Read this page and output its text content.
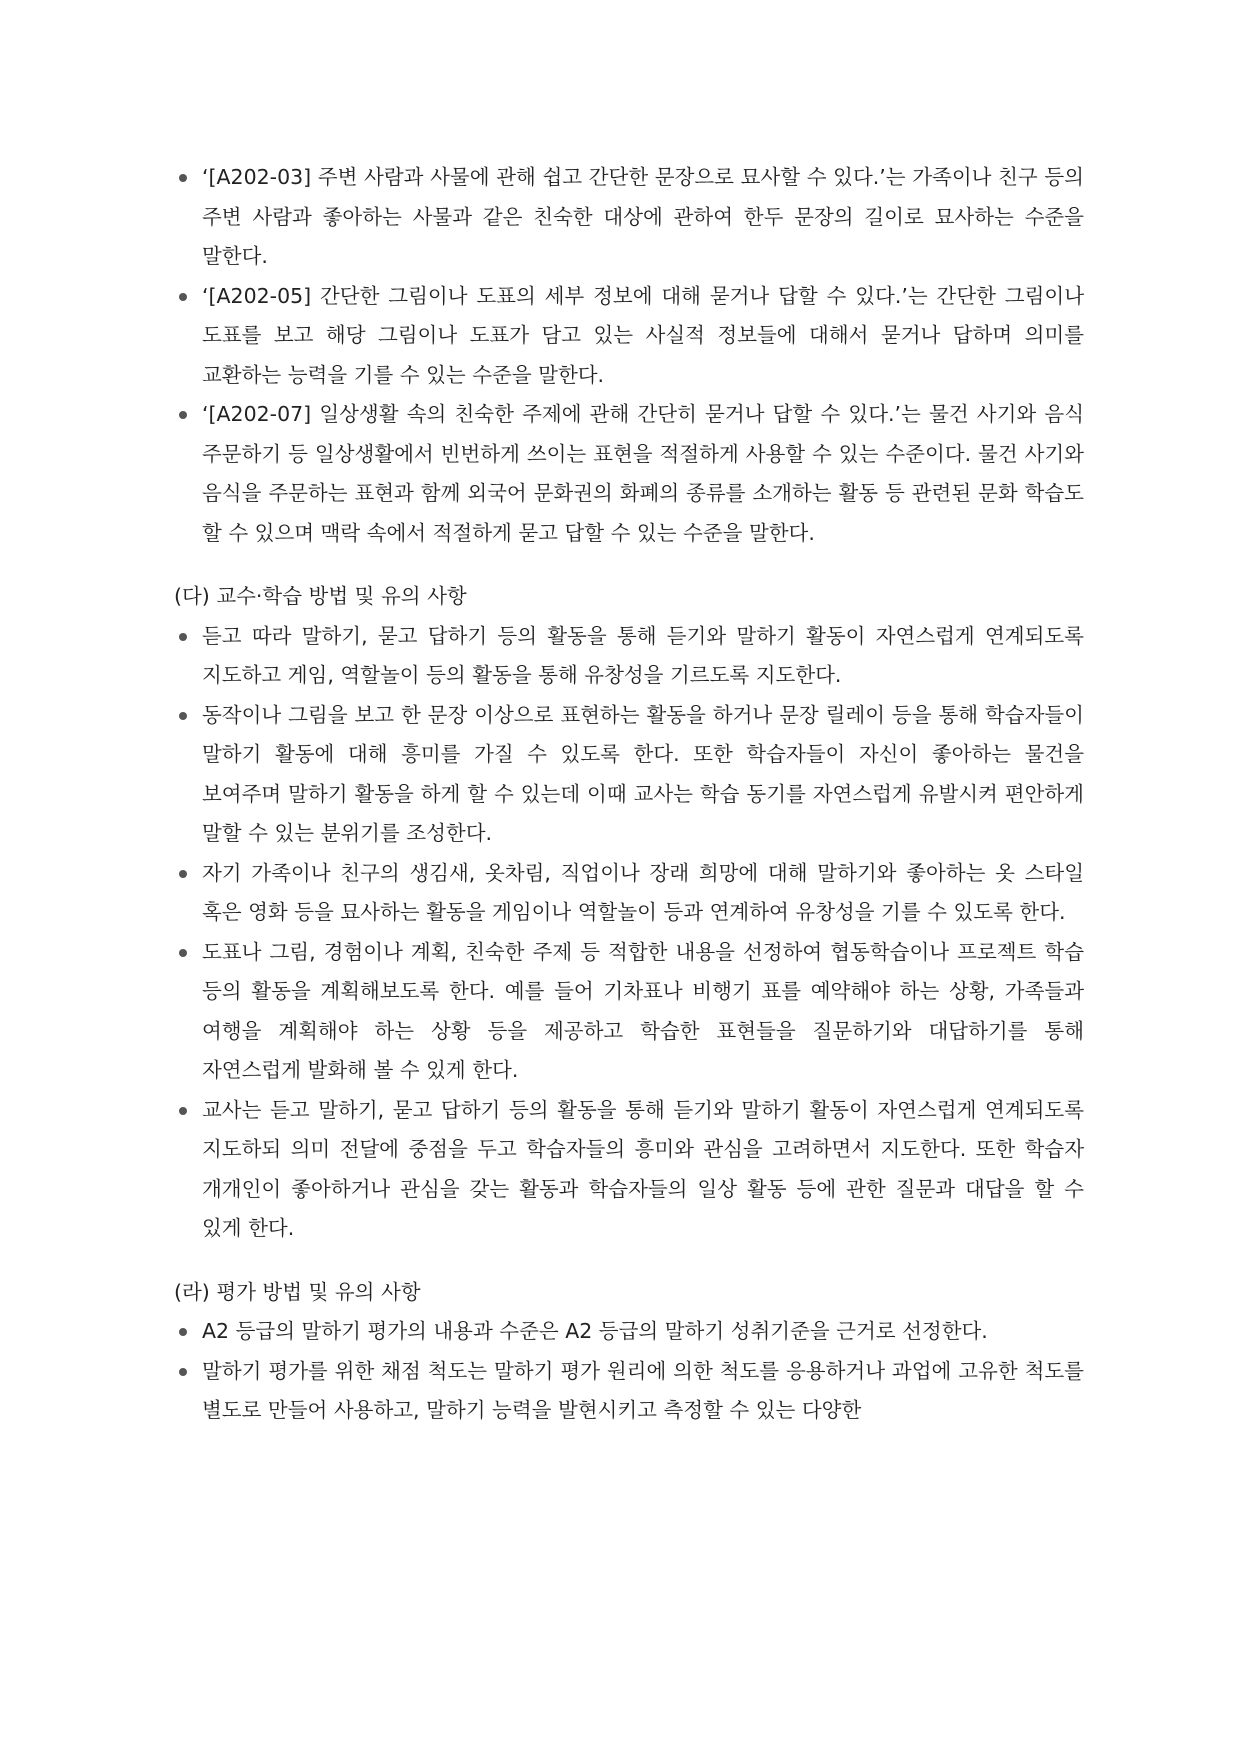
‘[A202-03] 주변 사람과 사물에 관해 쉽고 간단한 문장으로 묘사할 수 있다.’는 가족이나 친구 등의 주변 사람과 좋아하는 사물과 같은 친숙한 대상에 관하여 한두 문장의 길이로 묘사하는 수준을 말한다.
‘[A202-05] 간단한 그림이나 도표의 세부 정보에 대해 묻거나 답할 수 있다.’는 간단한 그림이나 도표를 보고 해당 그림이나 도표가 담고 있는 사실적 정보들에 대해서 묻거나 답하며 의미를 교환하는 능력을 기를 수 있는 수준을 말한다.
‘[A202-07] 일상생활 속의 친숙한 주제에 관해 간단히 묻거나 답할 수 있다.’는 물건 사기와 음식 주문하기 등 일상생활에서 빈번하게 쓰이는 표현을 적절하게 사용할 수 있는 수준이다. 물건 사기와 음식을 주문하는 표현과 함께 외국어 문화권의 화폐의 종류를 소개하는 활동 등 관련된 문화 학습도 할 수 있으며 맥락 속에서 적절하게 묻고 답할 수 있는 수준을 말한다.
(다) 교수·학습 방법 및 유의 사항
듣고 따라 말하기, 묻고 답하기 등의 활동을 통해 듣기와 말하기 활동이 자연스럽게 연계되도록 지도하고 게임, 역할놀이 등의 활동을 통해 유창성을 기르도록 지도한다.
동작이나 그림을 보고 한 문장 이상으로 표현하는 활동을 하거나 문장 릴레이 등을 통해 학습자들이 말하기 활동에 대해 흥미를 가질 수 있도록 한다. 또한 학습자들이 자신이 좋아하는 물건을 보여주며 말하기 활동을 하게 할 수 있는데 이때 교사는 학습 동기를 자연스럽게 유발시켜 편안하게 말할 수 있는 분위기를 조성한다.
자기 가족이나 친구의 생김새, 옷차림, 직업이나 장래 희망에 대해 말하기와 좋아하는 옷 스타일 혹은 영화 등을 묘사하는 활동을 게임이나 역할놀이 등과 연계하여 유창성을 기를 수 있도록 한다.
도표나 그림, 경험이나 계획, 친숙한 주제 등 적합한 내용을 선정하여 협동학습이나 프로젝트 학습 등의 활동을 계획해보도록 한다. 예를 들어 기차표나 비행기 표를 예약해야 하는 상황, 가족들과 여행을 계획해야 하는 상황 등을 제공하고 학습한 표현들을 질문하기와 대답하기를 통해 자연스럽게 발화해 볼 수 있게 한다.
교사는 듣고 말하기, 묻고 답하기 등의 활동을 통해 듣기와 말하기 활동이 자연스럽게 연계되도록 지도하되 의미 전달에 중점을 두고 학습자들의 흥미와 관심을 고려하면서 지도한다. 또한 학습자 개개인이 좋아하거나 관심을 갖는 활동과 학습자들의 일상 활동 등에 관한 질문과 대답을 할 수 있게 한다.
(라) 평가 방법 및 유의 사항
A2 등급의 말하기 평가의 내용과 수준은 A2 등급의 말하기 성취기준을 근거로 선정한다.
말하기 평가를 위한 채점 척도는 말하기 평가 원리에 의한 척도를 응용하거나 과업에 고유한 척도를 별도로 만들어 사용하고, 말하기 능력을 발현시키고 측정할 수 있는 다양한
